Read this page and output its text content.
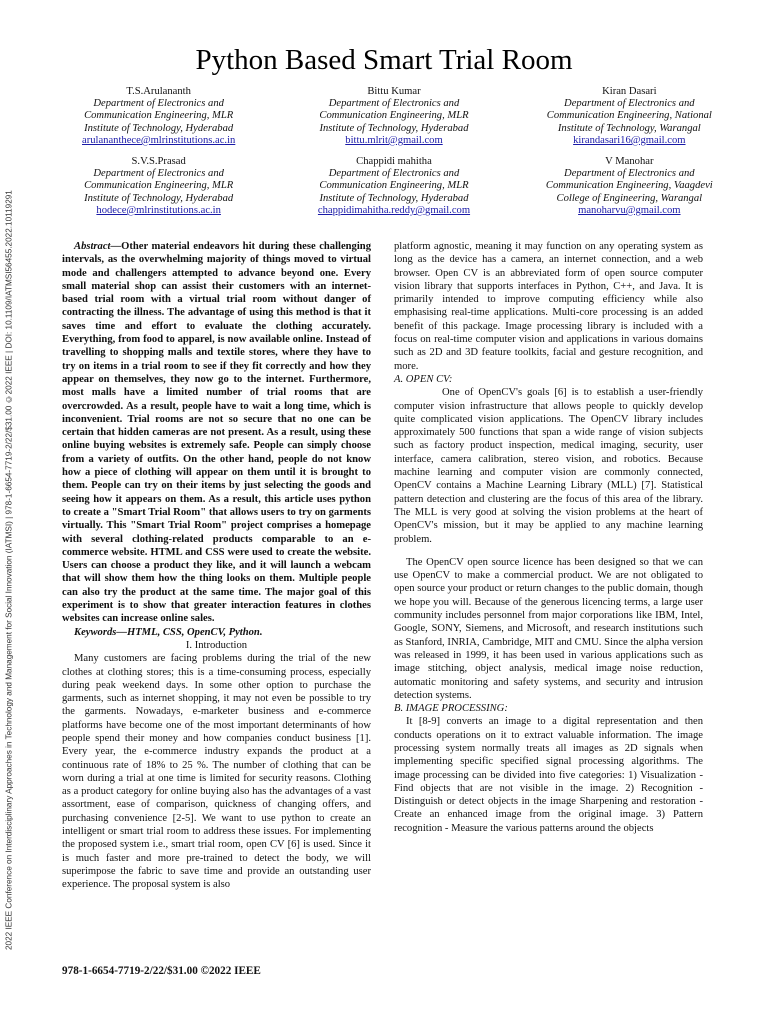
2022 IEEE Conference on Interdisciplinary Approaches in Technology and Management for Social Innovation (IATMSI) | 978-1-6654-7719-2/22/$31.00 ©2022 IEEE | DOI: 10.1109/IATMSI56455.2022.10119291
Python Based Smart Trial Room
T.S.Arulananth
Department of Electronics and
Communication Engineering, MLR
Institute of Technology, Hyderabad
arulananthece@mlrinstitutions.ac.in
Bittu Kumar
Department of Electronics and
Communication Engineering, MLR
Institute of Technology, Hyderabad
bittu.mlrit@gmail.com
Kiran Dasari
Department of Electronics and
Communication Engineering, National
Institute of Technology, Warangal
kirandasari16@gmail.com
S.V.S.Prasad
Department of Electronics and
Communication Engineering, MLR
Institute of Technology, Hyderabad
hodece@mlrinstitutions.ac.in
Chappidi mahitha
Department of Electronics and
Communication Engineering, MLR
Institute of Technology, Hyderabad
chappidimahitha.reddy@gmail.com
V Manohar
Department of Electronics and
Communication Engineering, Vaagdevi
College of Engineering, Warangal
manoharvu@gmail.com

Abstract—Other material endeavors hit during these challenging intervals, as the overwhelming majority of things moved to virtual mode and challengers attempted to advance beyond one. Every small material shop can assist their customers with an internet-based trial room with a virtual trial room without danger of contracting the illness. The advantage of using this method is that it saves time and effort to evaluate the clothing accurately. Everything, from food to apparel, is now available online. Instead of travelling to shopping malls and textile stores, where they have to try on items in a trial room to see if they fit correctly and how they appear on themselves, they now go to the internet. Furthermore, most malls have a limited number of trial rooms that are overcrowded. As a result, people have to wait a long time, which is inconvenient. Trial rooms are not so secure that no one can be certain that hidden cameras are not present. As a result, using these online buying websites is extremely safe. People can simply choose from a variety of outfits. On the other hand, people do not know how a piece of clothing will appear on them until it is brought to them. People can try on their items by just selecting the goods and seeing how it appears on them. As a result, this article uses python to create a "Smart Trial Room" that allows users to try on garments virtually. This "Smart Trial Room" project comprises a homepage with several clothing-related products comparable to an e-commerce website. HTML and CSS were used to create the website. Users can choose a product they like, and it will launch a webcam that will show them how the thing looks on them. Multiple people can also try the product at the same time. The major goal of this experiment is to show that greater interaction features in clothes websites can increase online sales.

Keywords—HTML, CSS, OpenCV, Python.

I. Introduction

Many customers are facing problems during the trial of the new clothes at clothing stores; this is a time-consuming process, especially during peak weekend days. In some other option to purchase the garments, such as internet shopping, it may not even be possible to try the garments. Nowadays, e-marketer business and e-commerce platforms have become one of the most important determinants of how people spend their money and how companies conduct business [1]. Every year, the e-commerce industry expands the product at a continuous rate of 18% to 25 %. The number of clothing that can be worn during a trial at one time is limited for security reasons. Clothing as a product category for online buying also has the advantages of a vast assortment, ease of comparison, quickness of changing offers, and purchasing convenience [2-5]. We want to use python to create an intelligent or smart trial room to address these issues. For implementing the proposed system i.e., smart trial room, open CV [6] is used. Since it is much faster and more pre-trained to detect the body, we will superimpose the fabric to save time and provide an outstanding user experience. The proposal system is also

platform agnostic, meaning it may function on any operating system as long as the device has a camera, an internet connection, and a web browser. Open CV is an abbreviated form of open source computer vision library that supports interfaces in Python, C++, and Java. It is primarily intended to improve computing efficiency while also emphasising real-time applications. Multi-core processing is an added benefit of this package. Image processing library is included with a focus on real-time computer vision and applications in various domains such as 2D and 3D feature toolkits, facial and gesture recognition, and more.

A. OPEN CV:

One of OpenCV's goals [6] is to establish a user-friendly computer vision infrastructure that allows people to quickly develop quite complicated vision applications. The OpenCV library includes approximately 500 functions that span a wide range of vision subjects such as factory product inspection, medical imaging, security, user interface, camera calibration, stereo vision, and robotics. Because machine learning and computer vision are commonly connected, OpenCV contains a Machine Learning Library (MLL) [7]. Statistical pattern detection and clustering are the focus of this area of the library. The MLL is very good at solving the vision problems at the heart of OpenCV's mission, but it may be applied to any machine learning problem.

The OpenCV open source licence has been designed so that we can use OpenCV to make a commercial product. We are not obligated to open source your product or return changes to the public domain, though we hope you will. Because of the generous licencing terms, a large user community includes personnel from major corporations like IBM, Intel, Google, SONY, Siemens, and Microsoft, and research institutions such as Stanford, INRIA, Cambridge, MIT and CMU. Since the alpha version was released in 1999, it has been used in various applications such as image stitching, object analysis, medical image noise reduction, automatic monitoring and safety systems, and security and intrusion detection systems.

B. IMAGE PROCESSING:

It [8-9] converts an image to a digital representation and then conducts operations on it to extract valuable information. The image processing system normally treats all images as 2D signals when implementing specific specified signal processing algorithms. The image processing can be divided into five categories: 1) Visualization - Find objects that are not visible in the image. 2) Recognition - Distinguish or detect objects in the image Sharpening and restoration - Create an enhanced image from the original image. 3) Pattern recognition - Measure the various patterns around the objects

978-1-6654-7719-2/22/$31.00 ©2022 IEEE
